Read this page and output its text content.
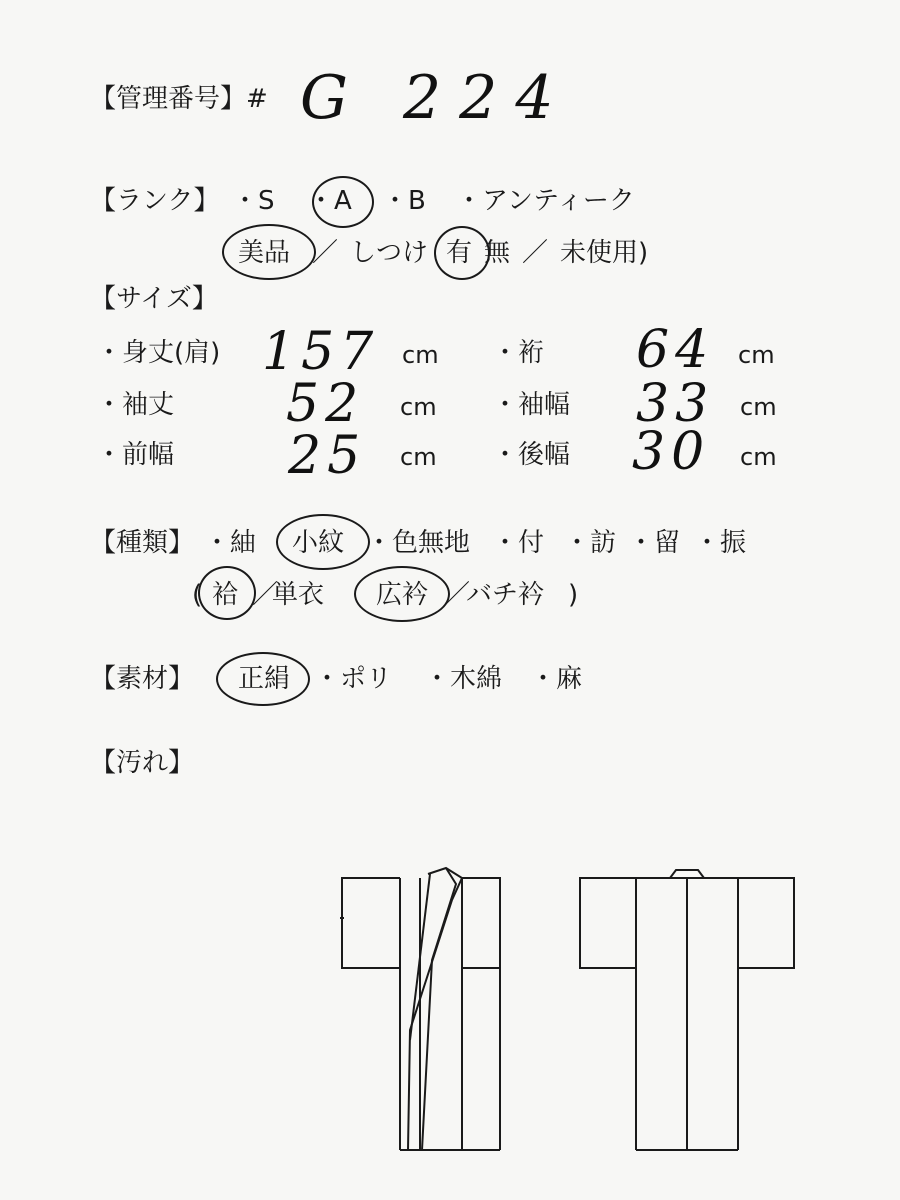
【管理番号】# G 224
【ランク】 ・S ・A ・B ・アンティーク
美品 ／ しつけ 有 無 ／ 未使用)
【サイズ】
・身丈(肩) 157 cm ・裄 64 cm
・袖丈 52 cm ・袖幅 33 cm
・前幅 25 cm ・後幅 30 cm
【種類】 ・紬 小紋 ・色無地 ・付 ・訪 ・留 ・振
( 袷 ／
単衣 広衿 ／
バチ衿 )
【素材】 正絹 ・ポリ ・木綿 ・麻
【汚れ】
